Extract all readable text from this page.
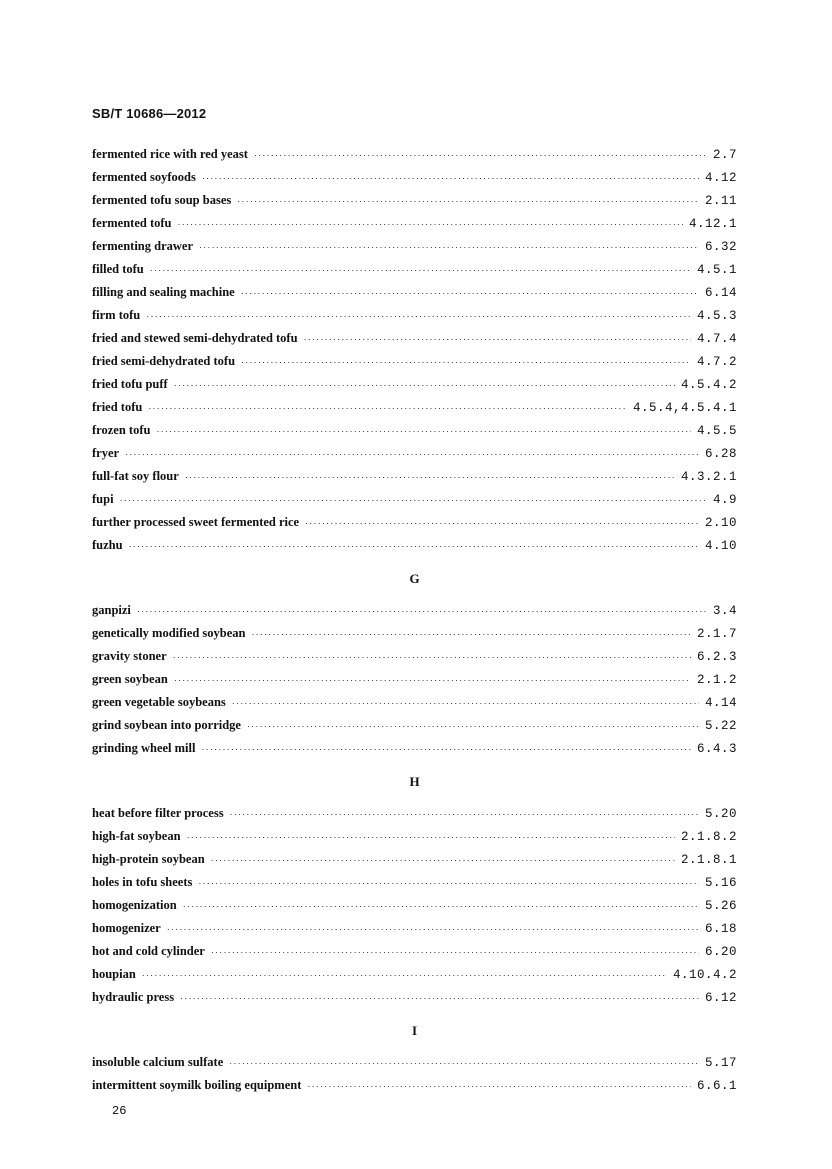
SB/T 10686—2012
fermented rice with red yeast ·····	2.7
fermented soyfoods ·····	4.12
fermented tofu soup bases ·····	2.11
fermented tofu ·····	4.12.1
fermenting drawer ·····	6.32
filled tofu ·····	4.5.1
filling and sealing machine ·····	6.14
firm tofu ·····	4.5.3
fried and stewed semi-dehydrated tofu ·····	4.7.4
fried semi-dehydrated tofu ·····	4.7.2
fried tofu puff ·····	4.5.4.2
fried tofu ·····	4.5.4,4.5.4.1
frozen tofu ·····	4.5.5
fryer ·····	6.28
full-fat soy flour ·····	4.3.2.1
fupi ·····	4.9
further processed sweet fermented rice ·····	2.10
fuzhu ·····	4.10
G
ganpizi ·····	3.4
genetically modified soybean ·····	2.1.7
gravity stoner ·····	6.2.3
green soybean ·····	2.1.2
green vegetable soybeans ·····	4.14
grind soybean into porridge ·····	5.22
grinding wheel mill ·····	6.4.3
H
heat before filter process ·····	5.20
high-fat soybean ·····	2.1.8.2
high-protein soybean ·····	2.1.8.1
holes in tofu sheets ·····	5.16
homogenization ·····	5.26
homogenizer ·····	6.18
hot and cold cylinder ·····	6.20
houpian ·····	4.10.4.2
hydraulic press ·····	6.12
I
insoluble calcium sulfate ·····	5.17
intermittent soymilk boiling equipment ·····	6.6.1
26
